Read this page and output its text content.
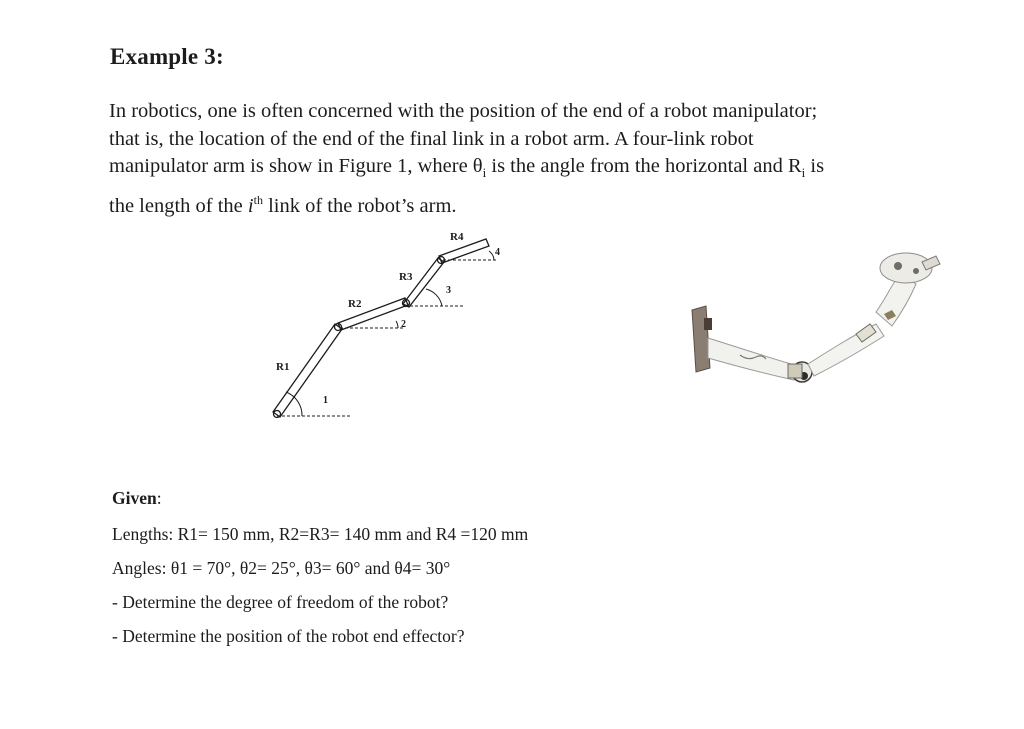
Example 3:

In robotics, one is often concerned with the position of the end of a robot manipulator;

that is, the location of the end of the final link in a robot arm. A four-link robot

manipulator arm is show in Figure 1, where $\theta_i$ is the angle from the horizontal and $R_i$ is

the length of the $i^{th}$ link of the robot’s arm.

R1
R2
R3
R4
1
2
3
4

Given:

Lengths: R1= 150 mm, R2=R3= 140 mm and R4 =120 mm

Angles: θ1 = 70°, θ2= 25°, θ3= 60° and θ4= 30°

- Determine the degree of freedom of the robot?

- Determine the position of the robot end effector?
